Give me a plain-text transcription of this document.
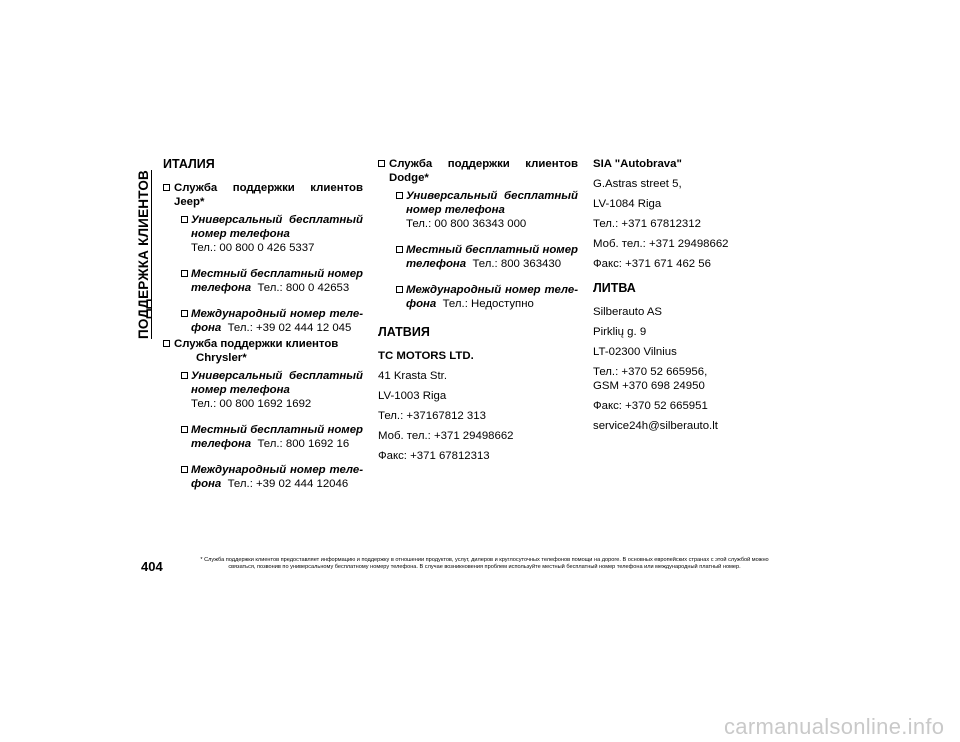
ПОДДЕРЖКА КЛИЕНТОВ
ИТАЛИЯ
Служба поддержки клиентов Jeep*
Универсальный бесплатный номер телефона
Тел.: 00 800 0 426 5337
Местный бесплатный номер телефона Тел.: 800 0 42653
Международный номер теле-фона Тел.: +39 02 444 12 045
Служба поддержки клиентов
Chrysler*
Универсальный бесплатный номер телефона
Тел.: 00 800 1692 1692
Местный бесплатный номер телефона Тел.: 800 1692 16
Международный номер теле-фона Тел.: +39 02 444 12046
Служба поддержки клиентов Dodge*
Универсальный бесплатный номер телефона
Тел.: 00 800 36343 000
Местный бесплатный номер телефона Тел.: 800 363430
Международный номер теле-фона Тел.: Недоступно
ЛАТВИЯ
TC MOTORS LTD.
41 Krasta Str.
LV-1003 Riga
Тел.: +37167812 313
Моб. тел.: +371 29498662
Факс: +371 67812313
SIA "Autobrava"
G.Astras street 5,
LV-1084 Riga
Тел.: +371 67812312
Моб. тел.: +371 29498662
Факс: +371 671 462 56
ЛИТВА
Silberauto AS
Pirklių g. 9
LT-02300 Vilnius
Тел.: +370 52 665956,
GSM +370 698 24950
Факс: +370 52 665951
service24h@silberauto.lt
404	* Служба поддержки клиентов предоставляет информацию и поддержку в отношении продуктов, услуг, дилеров и круглосуточных телефонов помощи на дороге. В основных европейских странах с этой службой можно
связаться, позвонив по универсальному бесплатному номеру телефона. В случае возникновения проблем используйте местный бесплатный номер телефона или международный платный номер.
carmanualsonline.info
